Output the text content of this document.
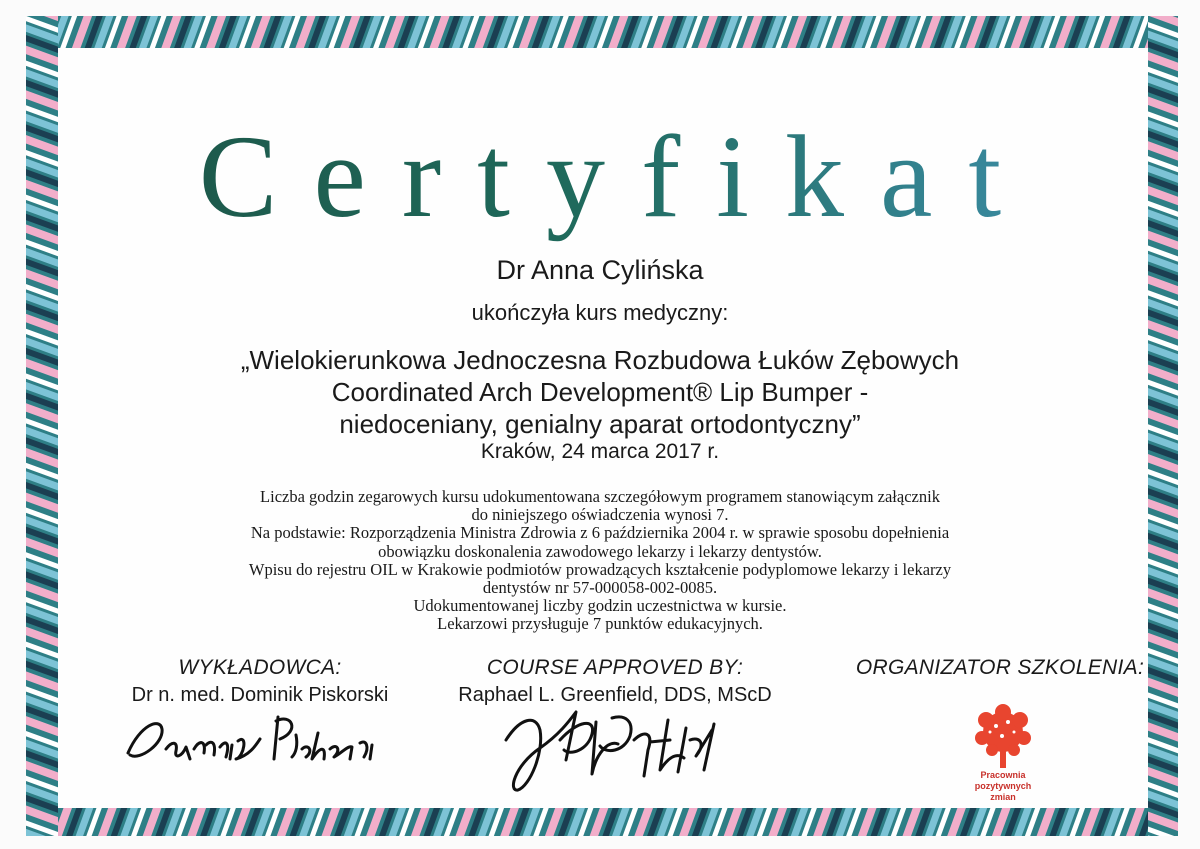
Certyfikat
Dr Anna Cylińska
ukończyła kurs medyczny:
„Wielokierunkowa Jednoczesna Rozbudowa Łuków Zębowych
Coordinated Arch Development® Lip Bumper -
niedoceniany, genialny aparat ortodontyczny”
Kraków, 24 marca 2017 r.
Liczba godzin zegarowych kursu udokumentowana szczegółowym programem stanowiącym załącznik
do niniejszego oświadczenia wynosi 7.
Na podstawie: Rozporządzenia Ministra Zdrowia z 6 października 2004 r. w sprawie sposobu dopełnienia
obowiązku doskonalenia zawodowego lekarzy i lekarzy dentystów.
Wpisu do rejestru OIL w Krakowie podmiotów prowadzących kształcenie podyplomowe lekarzy i lekarzy
dentystów nr 57-000058-002-0085.
Udokumentowanej liczby godzin uczestnictwa w kursie.
Lekarzowi przysługuje 7 punktów edukacyjnych.
WYKŁADOWCA:
Dr n. med. Dominik Piskorski
COURSE APPROVED BY:
Raphael L. Greenfield, DDS, MScD
ORGANIZATOR SZKOLENIA:
Pracownia
pozytywnych
zmian
